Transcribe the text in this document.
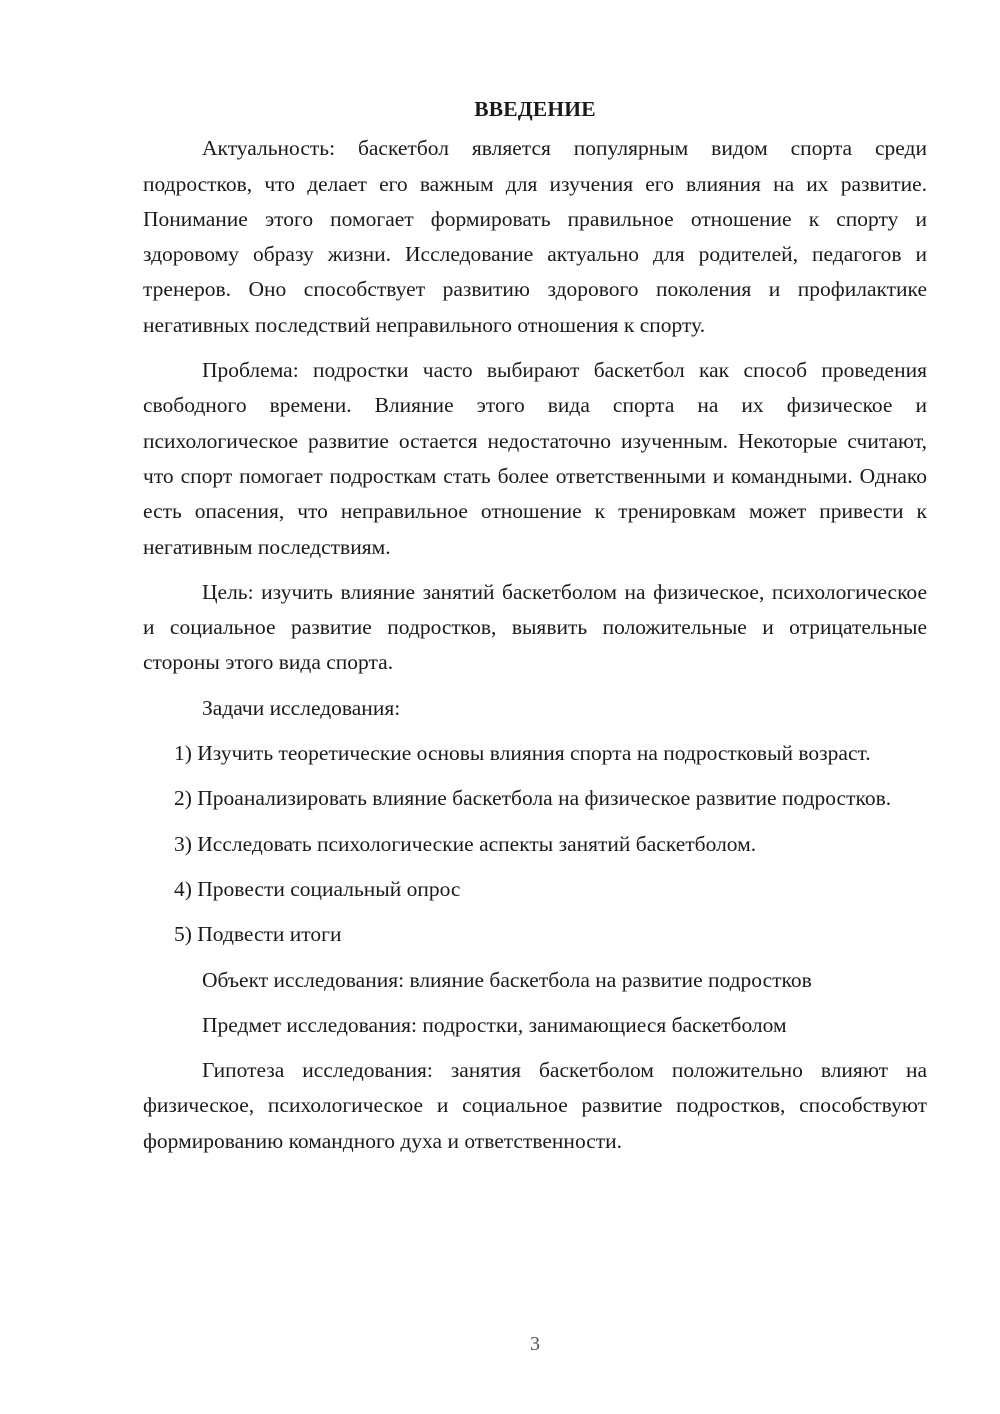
ВВЕДЕНИЕ

Актуальность: баскетбол является популярным видом спорта среди подростков, что делает его важным для изучения его влияния на их развитие. Понимание этого помогает формировать правильное отношение к спорту и здоровому образу жизни. Исследование актуально для родителей, педагогов и тренеров. Оно способствует развитию здорового поколения и профилактике негативных последствий неправильного отношения к спорту.

Проблема: подростки часто выбирают баскетбол как способ проведения свободного времени. Влияние этого вида спорта на их физическое и психологическое развитие остается недостаточно изученным. Некоторые считают, что спорт помогает подросткам стать более ответственными и командными. Однако есть опасения, что неправильное отношение к тренировкам может привести к негативным последствиям.

Цель: изучить влияние занятий баскетболом на физическое, психологическое и социальное развитие подростков, выявить положительные и отрицательные стороны этого вида спорта.

Задачи исследования:

1) Изучить теоретические основы влияния спорта на подростковый возраст.

2) Проанализировать влияние баскетбола на физическое развитие подростков.

3) Исследовать психологические аспекты занятий баскетболом.

4) Провести социальный опрос

5) Подвести итоги

Объект исследования: влияние баскетбола на развитие подростков

Предмет исследования: подростки, занимающиеся баскетболом

Гипотеза исследования: занятия баскетболом положительно влияют на физическое, психологическое и социальное развитие подростков, способствуют формированию командного духа и ответственности.

3
